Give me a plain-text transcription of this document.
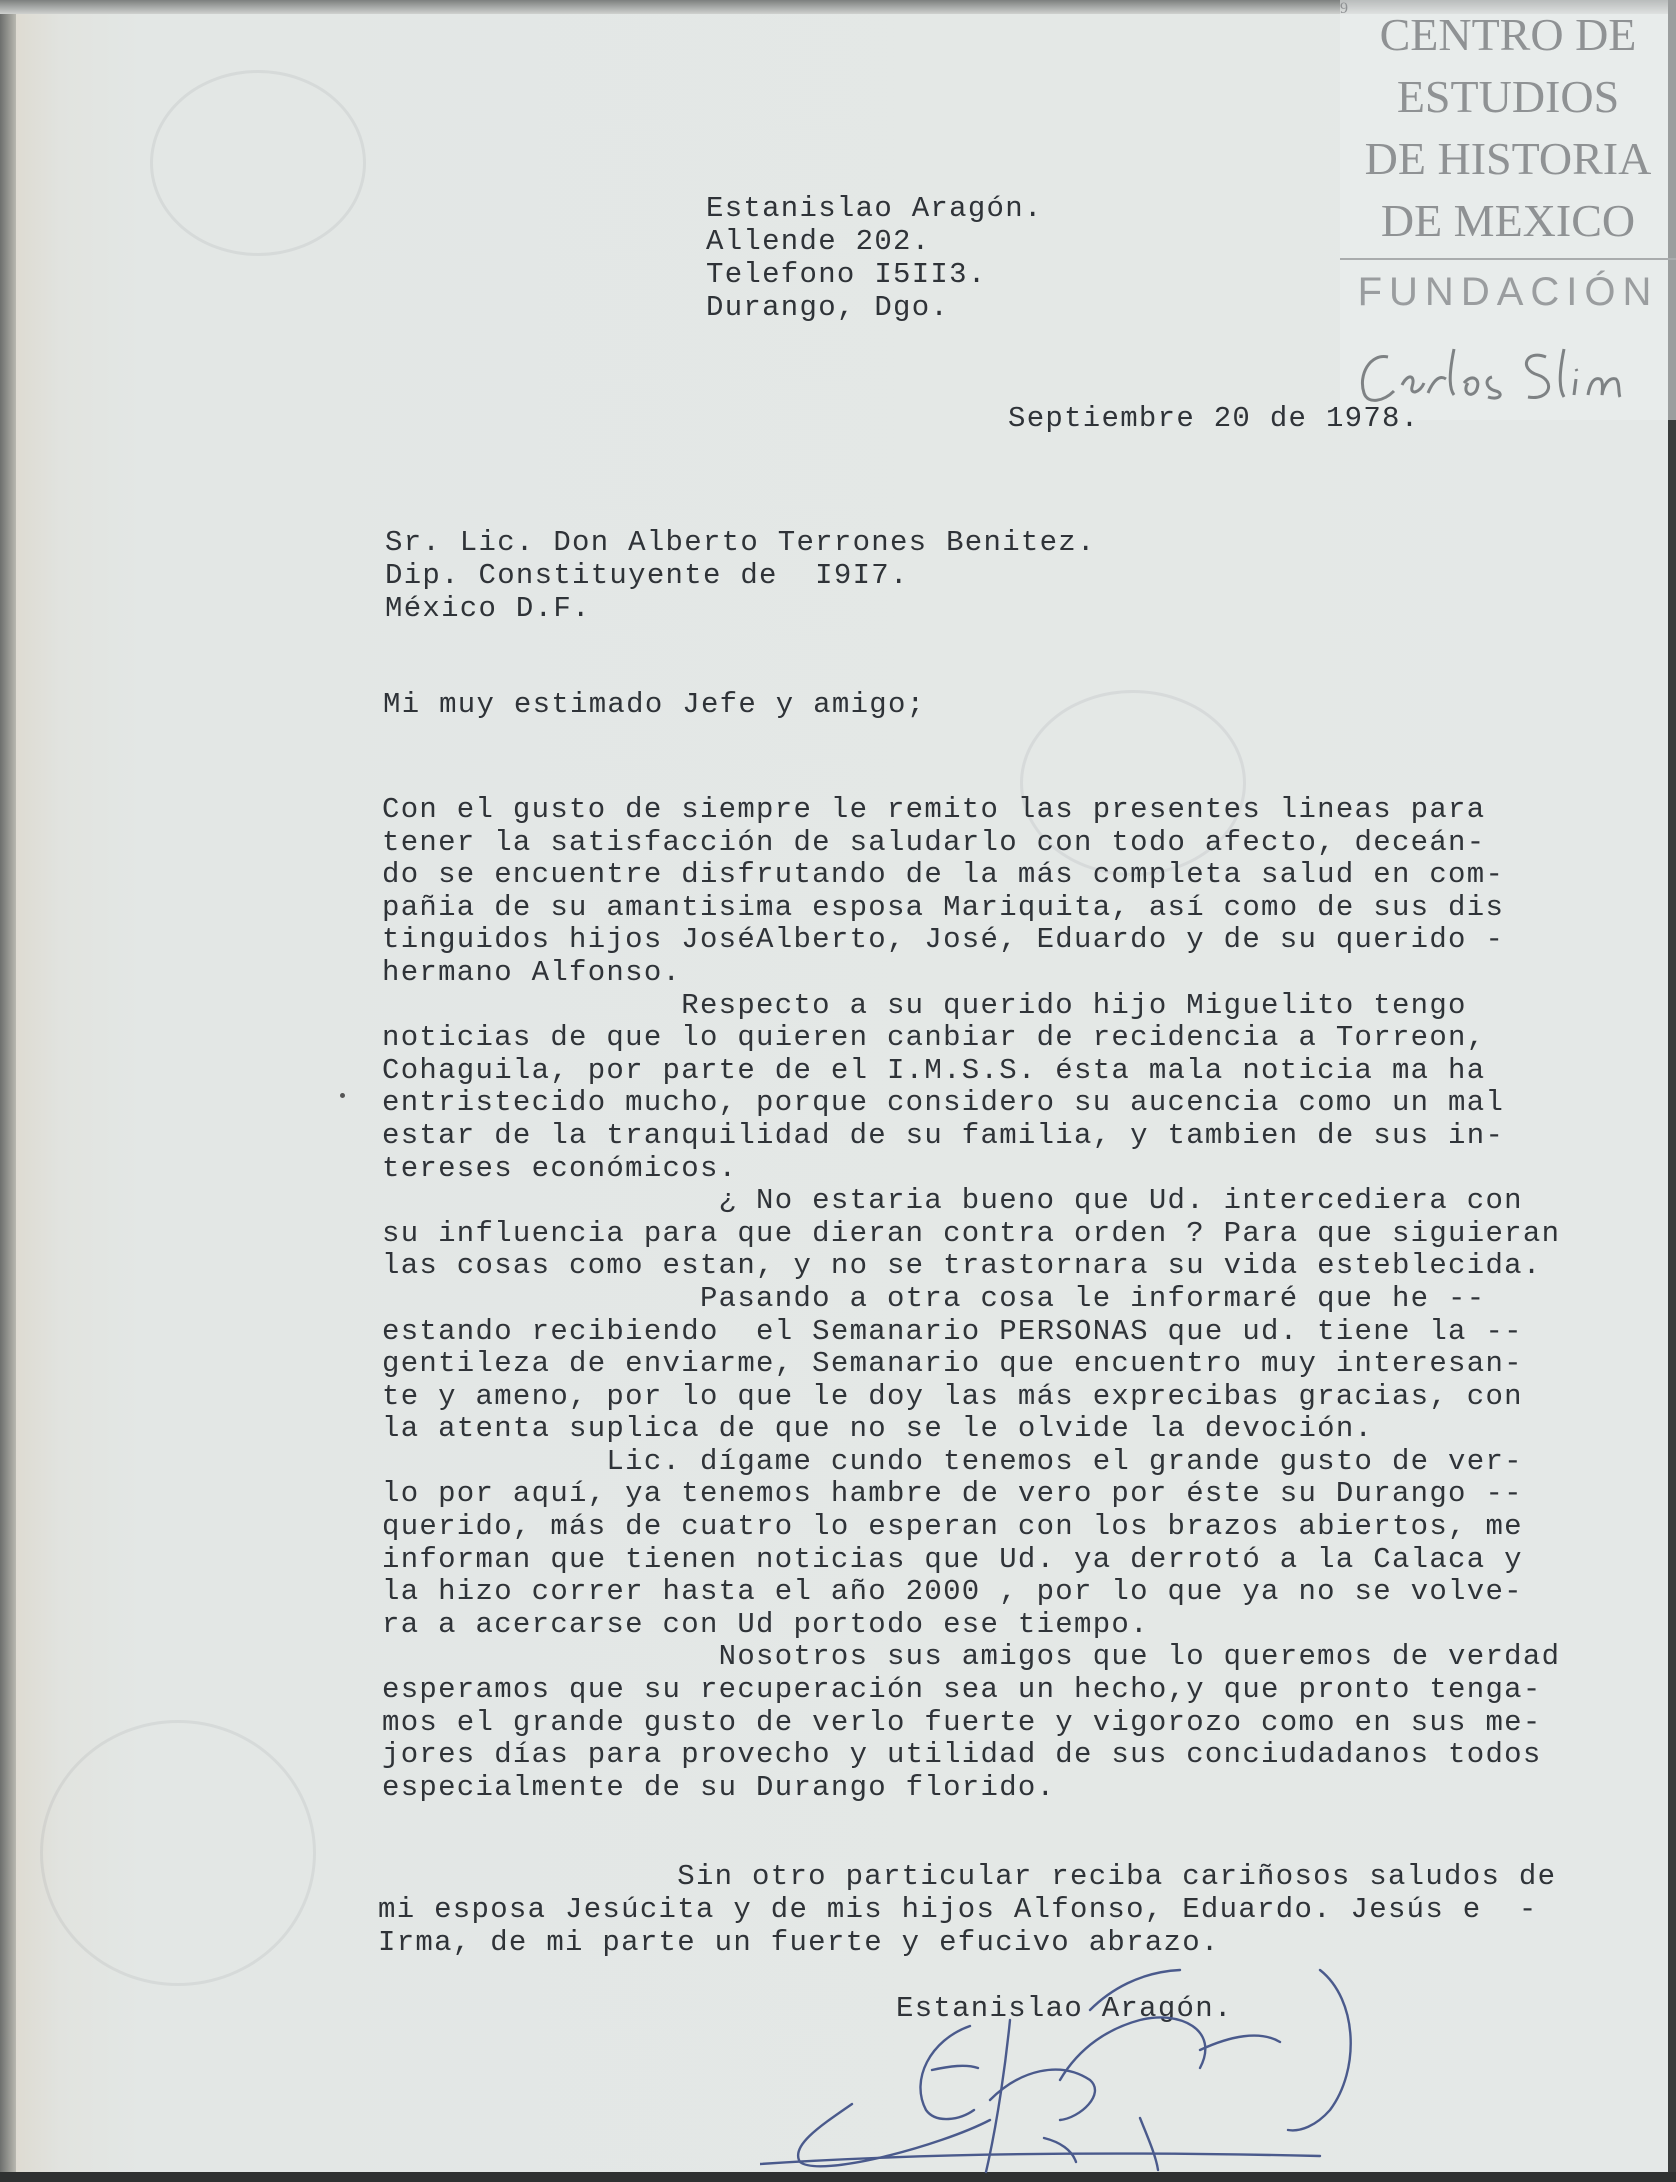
CENTRO DE
ESTUDIOS
DE HISTORIA
DE MEXICO
FUNDACIÓN
9
Estanislao Aragón.
Allende 202.
Telefono I5II3.
Durango, Dgo.
Septiembre 20 de 1978.
Sr. Lic. Don Alberto Terrones Benitez.
Dip. Constituyente de  I9I7.
México D.F.
Mi muy estimado Jefe y amigo;
Con el gusto de siempre le remito las presentes lineas para
tener la satisfacción de saludarlo con todo afecto, deceán-
do se encuentre disfrutando de la más completa salud en com-
pañia de su amantisima esposa Mariquita, así como de sus dis
tinguidos hijos JoséAlberto, José, Eduardo y de su querido -
hermano Alfonso.
Respecto a su querido hijo Miguelito tengo
noticias de que lo quieren canbiar de recidencia a Torreon,
Cohaguila, por parte de el I.M.S.S. ésta mala noticia ma ha
entristecido mucho, porque considero su aucencia como un mal
estar de la tranquilidad de su familia, y tambien de sus in-
tereses económicos.
¿ No estaria bueno que Ud. intercediera con
su influencia para que dieran contra orden ? Para que siguieran
las cosas como estan, y no se trastornara su vida esteblecida.
Pasando a otra cosa le informaré que he --
estando recibiendo  el Semanario PERSONAS que ud. tiene la --
gentileza de enviarme, Semanario que encuentro muy interesan-
te y ameno, por lo que le doy las más exprecibas gracias, con
la atenta suplica de que no se le olvide la devoción.
Lic. dígame cundo tenemos el grande gusto de ver-
lo por aquí, ya tenemos hambre de vero por éste su Durango --
querido, más de cuatro lo esperan con los brazos abiertos, me
informan que tienen noticias que Ud. ya derrotó a la Calaca y
la hizo correr hasta el año 2000 , por lo que ya no se volve-
ra a acercarse con Ud portodo ese tiempo.
Nosotros sus amigos que lo queremos de verdad
esperamos que su recuperación sea un hecho,y que pronto tenga-
mos el grande gusto de verlo fuerte y vigorozo como en sus me-
jores días para provecho y utilidad de sus conciudadanos todos
especialmente de su Durango florido.
Sin otro particular reciba cariñosos saludos de
mi esposa Jesúcita y de mis hijos Alfonso, Eduardo. Jesús e  -
Irma, de mi parte un fuerte y efucivo abrazo.
Estanislao Aragón.
